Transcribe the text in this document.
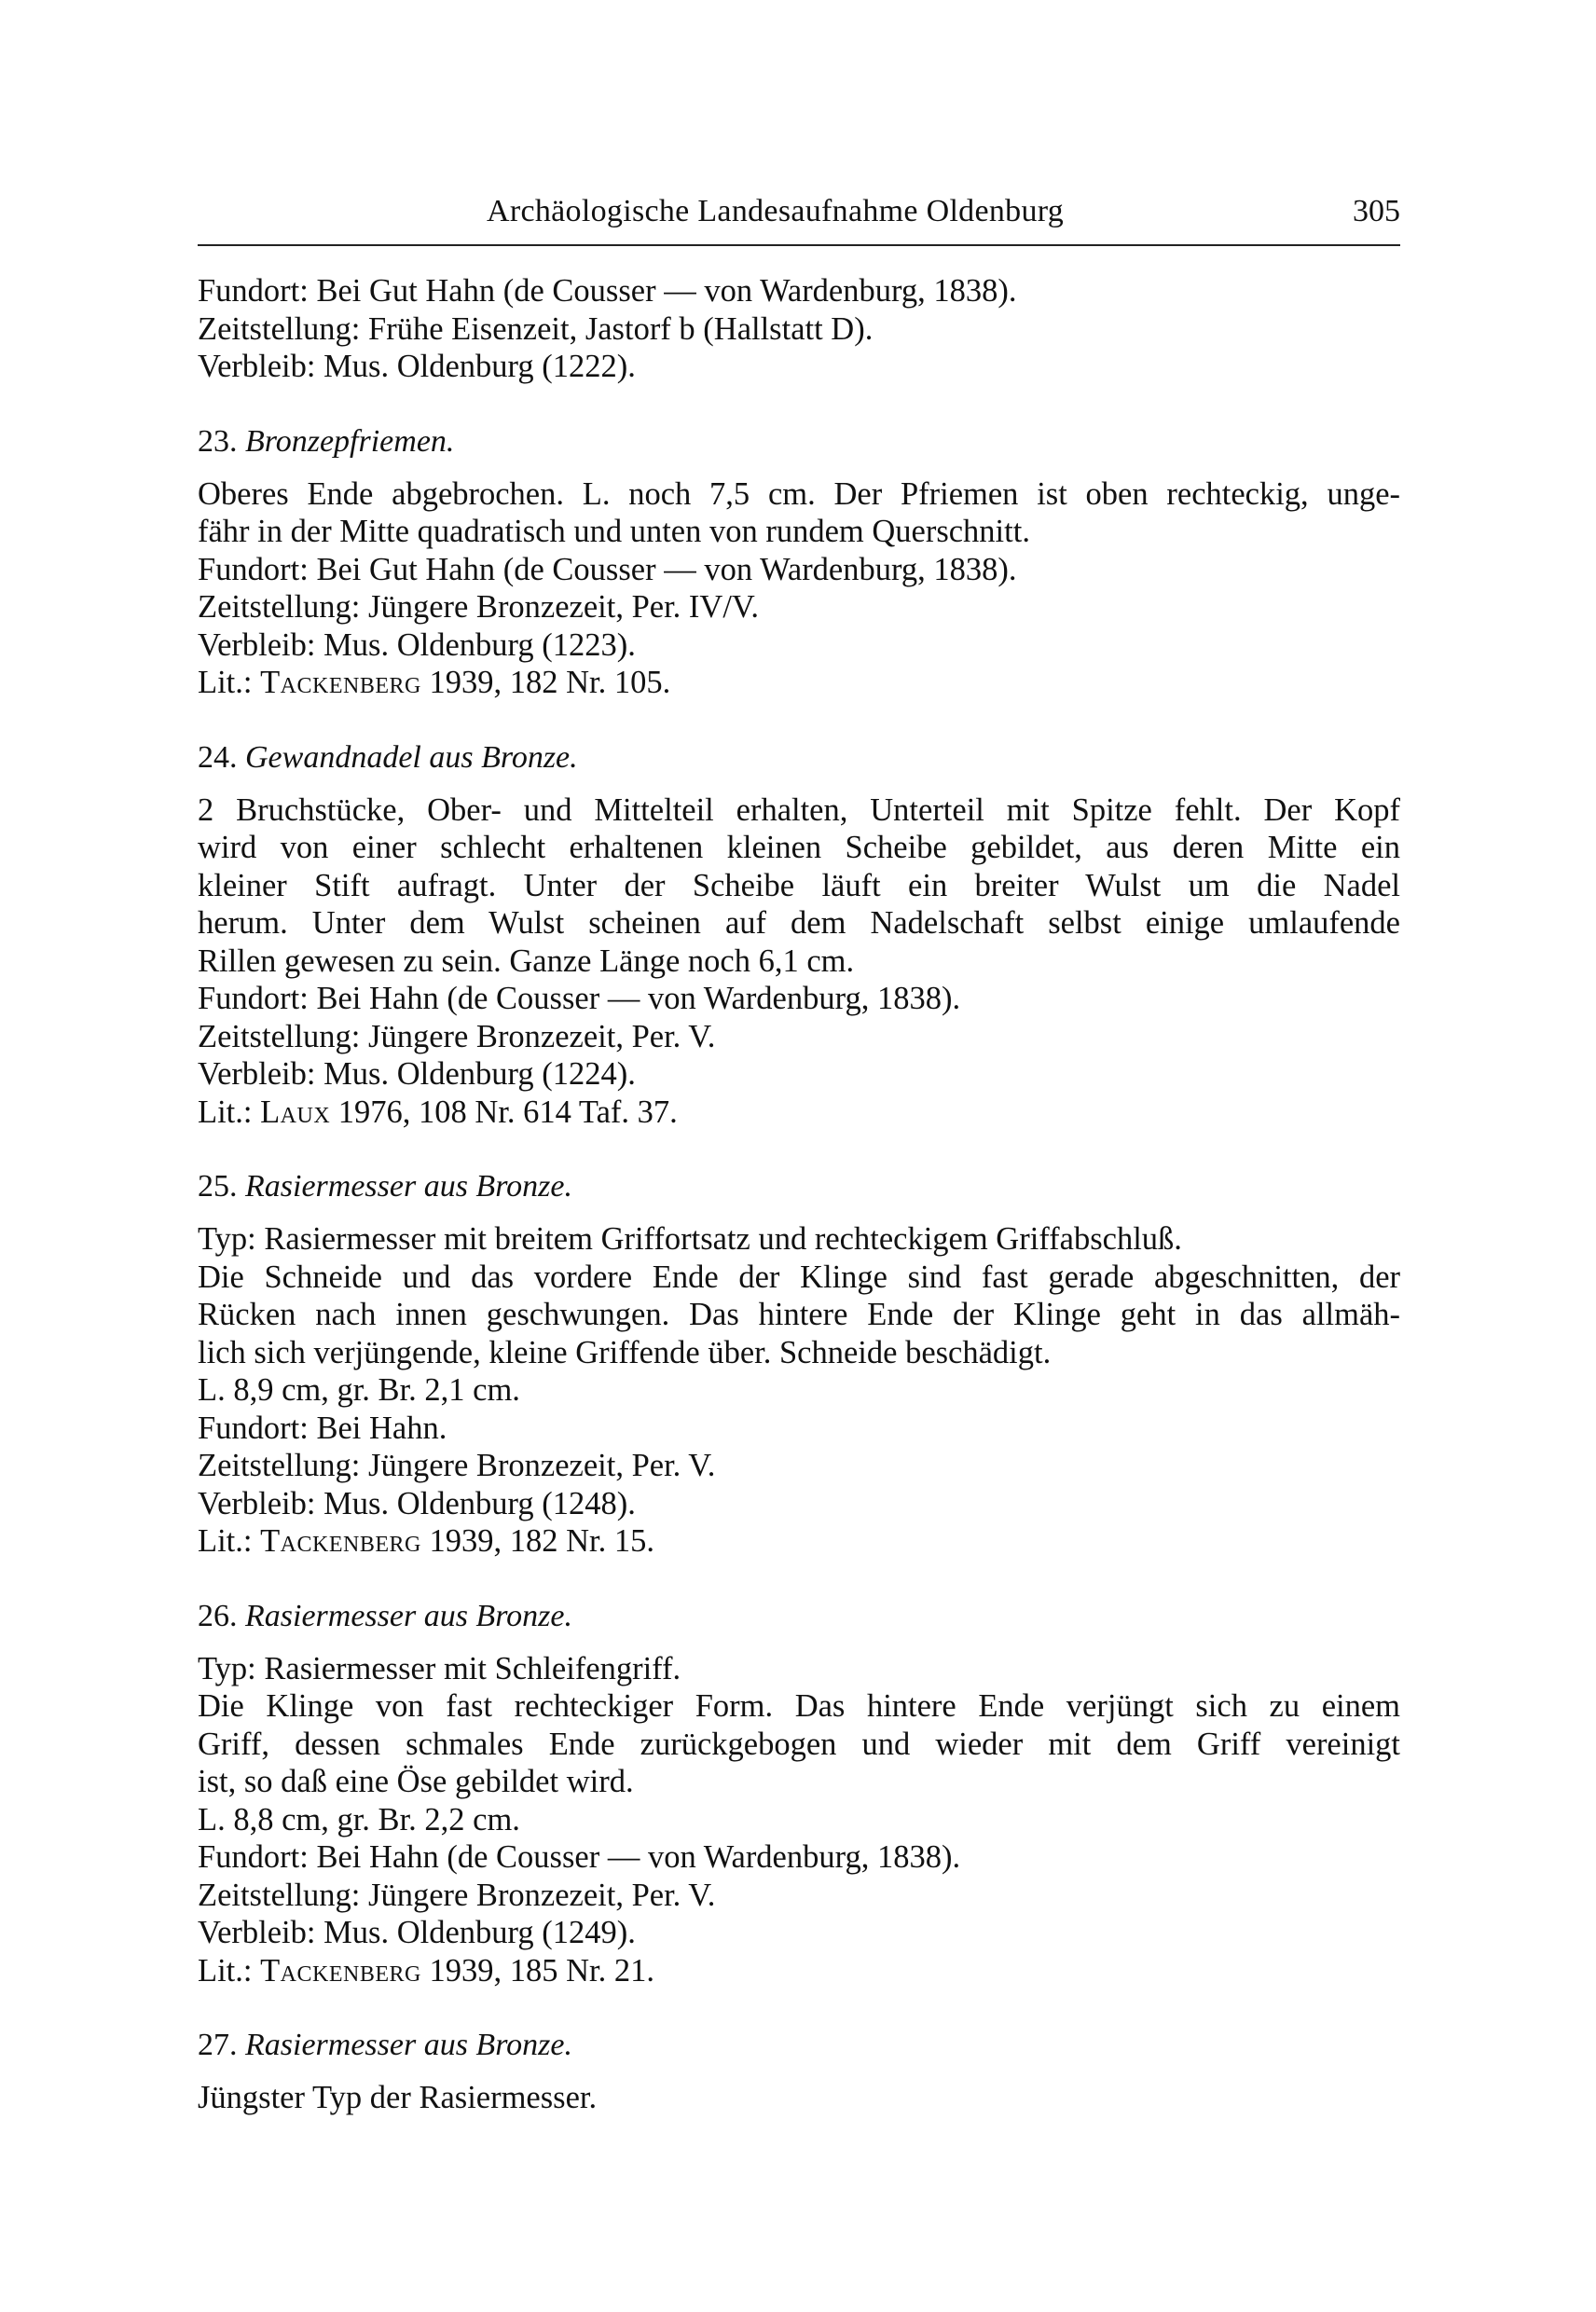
Archäologische Landesaufnahme Oldenburg	305
Fundort: Bei Gut Hahn (de Cousser — von Wardenburg, 1838).
Zeitstellung: Frühe Eisenzeit, Jastorf b (Hallstatt D).
Verbleib: Mus. Oldenburg (1222).
23. Bronzepfriemen.
Oberes Ende abgebrochen. L. noch 7,5 cm. Der Pfriemen ist oben rechteckig, unge-
fähr in der Mitte quadratisch und unten von rundem Querschnitt.
Fundort: Bei Gut Hahn (de Cousser — von Wardenburg, 1838).
Zeitstellung: Jüngere Bronzezeit, Per. IV/V.
Verbleib: Mus. Oldenburg (1223).
Lit.: Tackenberg 1939, 182 Nr. 105.
24. Gewandnadel aus Bronze.
2 Bruchstücke, Ober- und Mittelteil erhalten, Unterteil mit Spitze fehlt. Der Kopf
wird von einer schlecht erhaltenen kleinen Scheibe gebildet, aus deren Mitte ein
kleiner Stift aufragt. Unter der Scheibe läuft ein breiter Wulst um die Nadel
herum. Unter dem Wulst scheinen auf dem Nadelschaft selbst einige umlaufende
Rillen gewesen zu sein. Ganze Länge noch 6,1 cm.
Fundort: Bei Hahn (de Cousser — von Wardenburg, 1838).
Zeitstellung: Jüngere Bronzezeit, Per. V.
Verbleib: Mus. Oldenburg (1224).
Lit.: Laux 1976, 108 Nr. 614 Taf. 37.
25. Rasiermesser aus Bronze.
Typ: Rasiermesser mit breitem Griffortsatz und rechteckigem Griffabschluß.
Die Schneide und das vordere Ende der Klinge sind fast gerade abgeschnitten, der
Rücken nach innen geschwungen. Das hintere Ende der Klinge geht in das allmäh-
lich sich verjüngende, kleine Griffende über. Schneide beschädigt.
L. 8,9 cm, gr. Br. 2,1 cm.
Fundort: Bei Hahn.
Zeitstellung: Jüngere Bronzezeit, Per. V.
Verbleib: Mus. Oldenburg (1248).
Lit.: Tackenberg 1939, 182 Nr. 15.
26. Rasiermesser aus Bronze.
Typ: Rasiermesser mit Schleifengriff.
Die Klinge von fast rechteckiger Form. Das hintere Ende verjüngt sich zu einem
Griff, dessen schmales Ende zurückgebogen und wieder mit dem Griff vereinigt
ist, so daß eine Öse gebildet wird.
L. 8,8 cm, gr. Br. 2,2 cm.
Fundort: Bei Hahn (de Cousser — von Wardenburg, 1838).
Zeitstellung: Jüngere Bronzezeit, Per. V.
Verbleib: Mus. Oldenburg (1249).
Lit.: Tackenberg 1939, 185 Nr. 21.
27. Rasiermesser aus Bronze.
Jüngster Typ der Rasiermesser.
